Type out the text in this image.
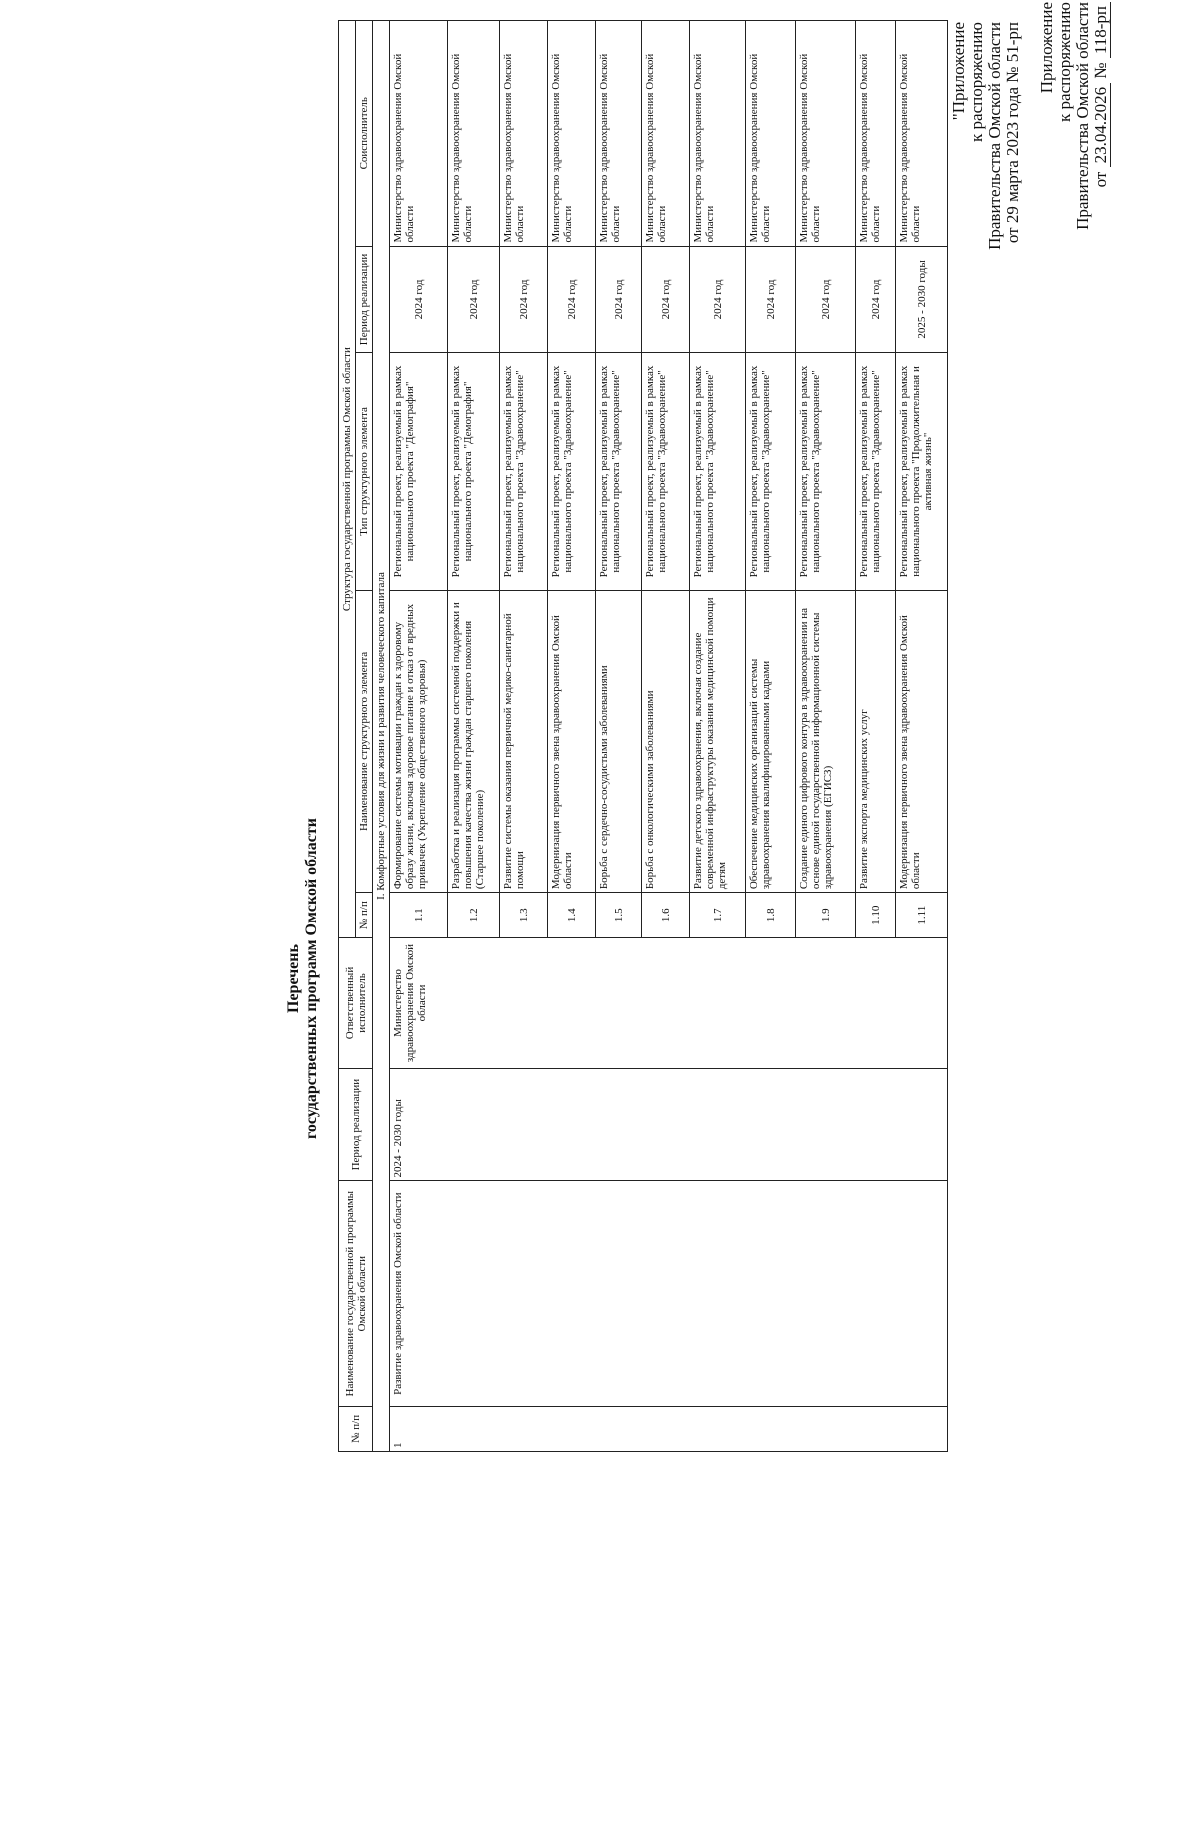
Приложение к распоряжению Правительства Омской области от 23.04.2026 № 118-рп
"Приложение к распоряжению Правительства Омской области от 29 марта 2023 года № 51-рп
Перечень государственных программ Омской области
№ п/п	Наименование государственной программы Омской области	Период реализации	Ответственный исполнитель	Структура государственной программы Омской области				
				№ п/п	Наименование структурного элемента	Тип структурного элемента	Период реализации	Соисполнитель
I. Комфортные условия для жизни и развития человеческого капитала								
1	Развитие здравоохранения Омской области	2024 - 2030 годы	Министерство здравоохранения Омской области	1.1	Формирование системы мотивации граждан к здоровому образу жизни, включая здоровое питание и отказ от вредных привычек (Укрепление общественного здоровья)	Региональный проект, реализуемый в рамках национального проекта "Демография"	2024 год	Министерство здравоохранения Омской области
				1.2	Разработка и реализация программы системной поддержки и повышения качества жизни граждан старшего поколения (Старшее поколение)	Региональный проект, реализуемый в рамках национального проекта "Демография"	2024 год	Министерство здравоохранения Омской области
				1.3	Развитие системы оказания первичной медико-санитарной помощи	Региональный проект, реализуемый в рамках национального проекта "Здравоохранение"	2024 год	Министерство здравоохранения Омской области
				1.4	Модернизация первичного звена здравоохранения Омской области	Региональный проект, реализуемый в рамках национального проекта "Здравоохранение"	2024 год	Министерство здравоохранения Омской области
				1.5	Борьба с сердечно-сосудистыми заболеваниями	Региональный проект, реализуемый в рамках национального проекта "Здравоохранение"	2024 год	Министерство здравоохранения Омской области
				1.6	Борьба с онкологическими заболеваниями	Региональный проект, реализуемый в рамках национального проекта "Здравоохранение"	2024 год	Министерство здравоохранения Омской области
				1.7	Развитие детского здравоохранения, включая создание современной инфраструктуры оказания медицинской помощи детям	Региональный проект, реализуемый в рамках национального проекта "Здравоохранение"	2024 год	Министерство здравоохранения Омской области
				1.8	Обеспечение медицинских организаций системы здравоохранения квалифицированными кадрами	Региональный проект, реализуемый в рамках национального проекта "Здравоохранение"	2024 год	Министерство здравоохранения Омской области
				1.9	Создание единого цифрового контура в здравоохранении на основе единой государственной информационной системы здравоохранения (ЕГИСЗ)	Региональный проект, реализуемый в рамках национального проекта "Здравоохранение"	2024 год	Министерство здравоохранения Омской области
				1.10	Развитие экспорта медицинских услуг	Региональный проект, реализуемый в рамках национального проекта "Здравоохранение"	2024 год	Министерство здравоохранения Омской области
				1.11	Модернизация первичного звена здравоохранения Омской области	Региональный проект, реализуемый в рамках национального проекта "Продолжительная и активная жизнь"	2025 - 2030 годы	Министерство здравоохранения Омской области
